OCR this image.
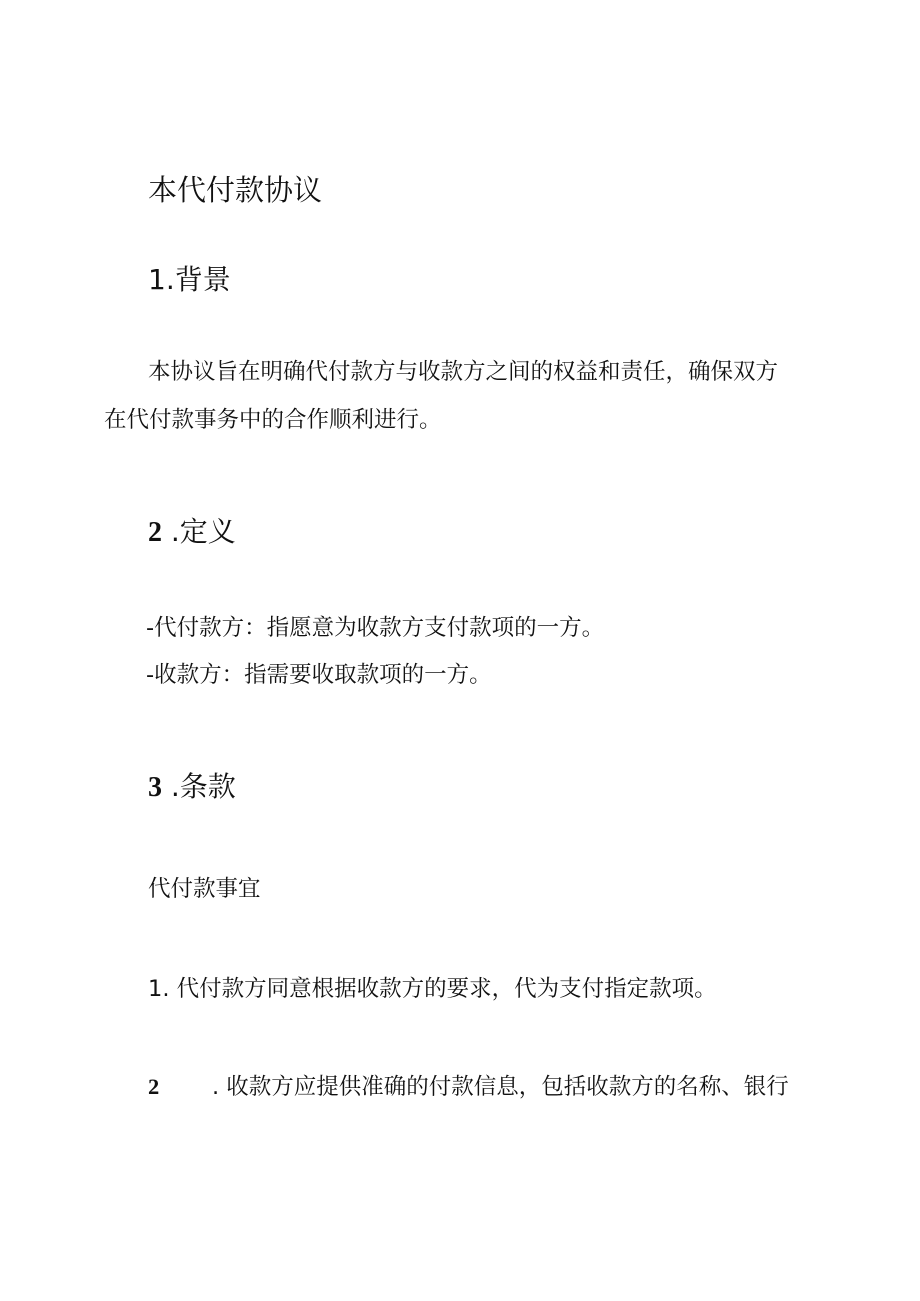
本代付款协议

1.背景

本协议旨在明确代付款方与收款方之间的权益和责任，确保双方

在代付款事务中的合作顺利进行。

2 .定义

-代付款方：指愿意为收款方支付款项的一方。

-收款方：指需要收取款项的一方。

3 .条款

代付款事宜

1. 代付款方同意根据收款方的要求，代为支付指定款项。

2 . 收款方应提供准确的付款信息，包括收款方的名称、银行
